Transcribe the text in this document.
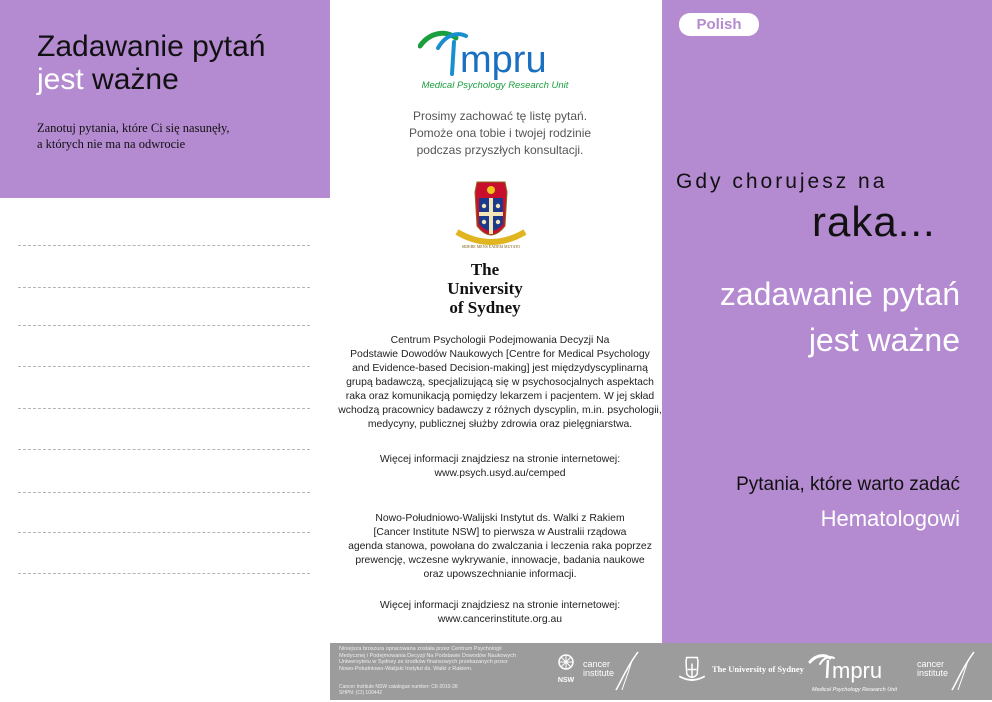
Zadawanie pytań
jest ważne
Zanotuj pytania, które Ci się nasunęły,
a których nie ma na odwrocie
mpru
Medical Psychology Research Unit
Prosimy zachować tę listę pytań.
Pomoże ona tobie i twojej rodzinie
podczas przyszłych konsultacji.
SIDERE MENS EADEM MUTATO
The
University
of Sydney
Centrum Psychologii Podejmowania Decyzji Na
Podstawie Dowodów Naukowych [Centre for Medical Psychology
and Evidence-based Decision-making] jest międzydyscyplinarną
grupą badawczą, specjalizującą się w psychosocjalnych aspektach
raka oraz komunikacją pomiędzy lekarzem i pacjentem. W jej skład
wchodzą pracownicy badawczy z różnych dyscyplin, m.in. psychologii,
medycyny, publicznej służby zdrowia oraz pielęgniarstwa.
Więcej informacji znajdziesz na stronie internetowej:
www.psych.usyd.au/cemped
Nowo-Południowo-Walijski Instytut ds. Walki z Rakiem
[Cancer Institute NSW] to pierwsza w Australii rządowa
agenda stanowa, powołana do zwalczania i leczenia raka poprzez
prewencję, wczesne wykrywanie, innowacje, badania naukowe
oraz upowszechnianie informacji.
Więcej informacji znajdziesz na stronie internetowej:
www.cancerinstitute.org.au
Polish
Gdy chorujesz na
raka...
zadawanie pytań
jest ważne
Pytania, które warto zadać
Hematologowi
Niniejsza broszura opracowana została przez Centrum Psychologii
Medycznej i Podejmowania Decyzji Na Podstawie Dowodów Naukowych
Uniwersytetu w Sydney ze środków finansowych przekazanych przez
Nowo-Południowo-Walijski Instytut ds. Walki z Rakiem.
Cancer Institute NSW catalogue number: CII-2010-28
SHPN: (CI) 100442
NSW
cancer
institute	The University of Sydney mpru
Medical Psychology Research Unit
cancer
institute
